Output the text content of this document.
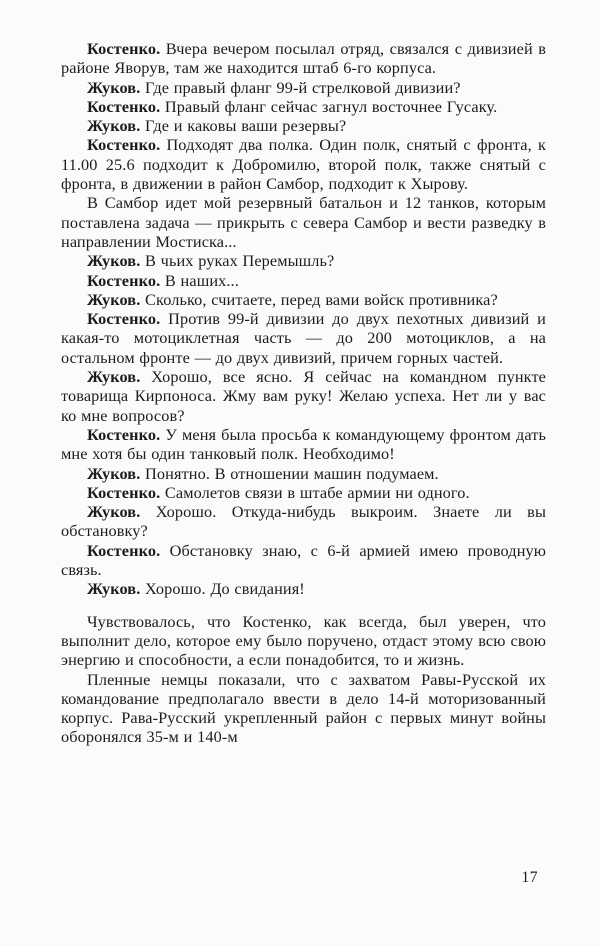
Костенко. Вчера вечером посылал отряд, связался с дивизией в районе Яворув, там же находится штаб 6-го корпуса.

Жуков. Где правый фланг 99-й стрелковой дивизии?

Костенко. Правый фланг сейчас загнул восточнее Гусаку.

Жуков. Где и каковы ваши резервы?

Костенко. Подходят два полка. Один полк, снятый с фронта, к 11.00 25.6 подходит к Добромилю, второй полк, также снятый с фронта, в движении в район Самбор, подходит к Хырову.

В Самбор идет мой резервный батальон и 12 танков, которым поставлена задача — прикрыть с севера Самбор и вести разведку в направлении Мостиска...

Жуков. В чьих руках Перемышль?

Костенко. В наших...

Жуков. Сколько, считаете, перед вами войск противника?

Костенко. Против 99-й дивизии до двух пехотных дивизий и какая-то мотоциклетная часть — до 200 мотоциклов, а на остальном фронте — до двух дивизий, причем горных частей.

Жуков. Хорошо, все ясно. Я сейчас на командном пункте товарища Кирпоноса. Жму вам руку! Желаю успеха. Нет ли у вас ко мне вопросов?

Костенко. У меня была просьба к командующему фронтом дать мне хотя бы один танковый полк. Необходимо!

Жуков. Понятно. В отношении машин подумаем.

Костенко. Самолетов связи в штабе армии ни одного.

Жуков. Хорошо. Откуда-нибудь выкроим. Знаете ли вы обстановку?

Костенко. Обстановку знаю, с 6-й армией имею проводную связь.

Жуков. Хорошо. До свидания!

Чувствовалось, что Костенко, как всегда, был уверен, что выполнит дело, которое ему было поручено, отдаст этому всю свою энергию и способности, а если понадобится, то и жизнь.

Пленные немцы показали, что с захватом Равы-Русской их командование предполагало ввести в дело 14-й моторизованный корпус. Рава-Русский укрепленный район с первых минут войны оборонялся 35-м и 140-м

17
